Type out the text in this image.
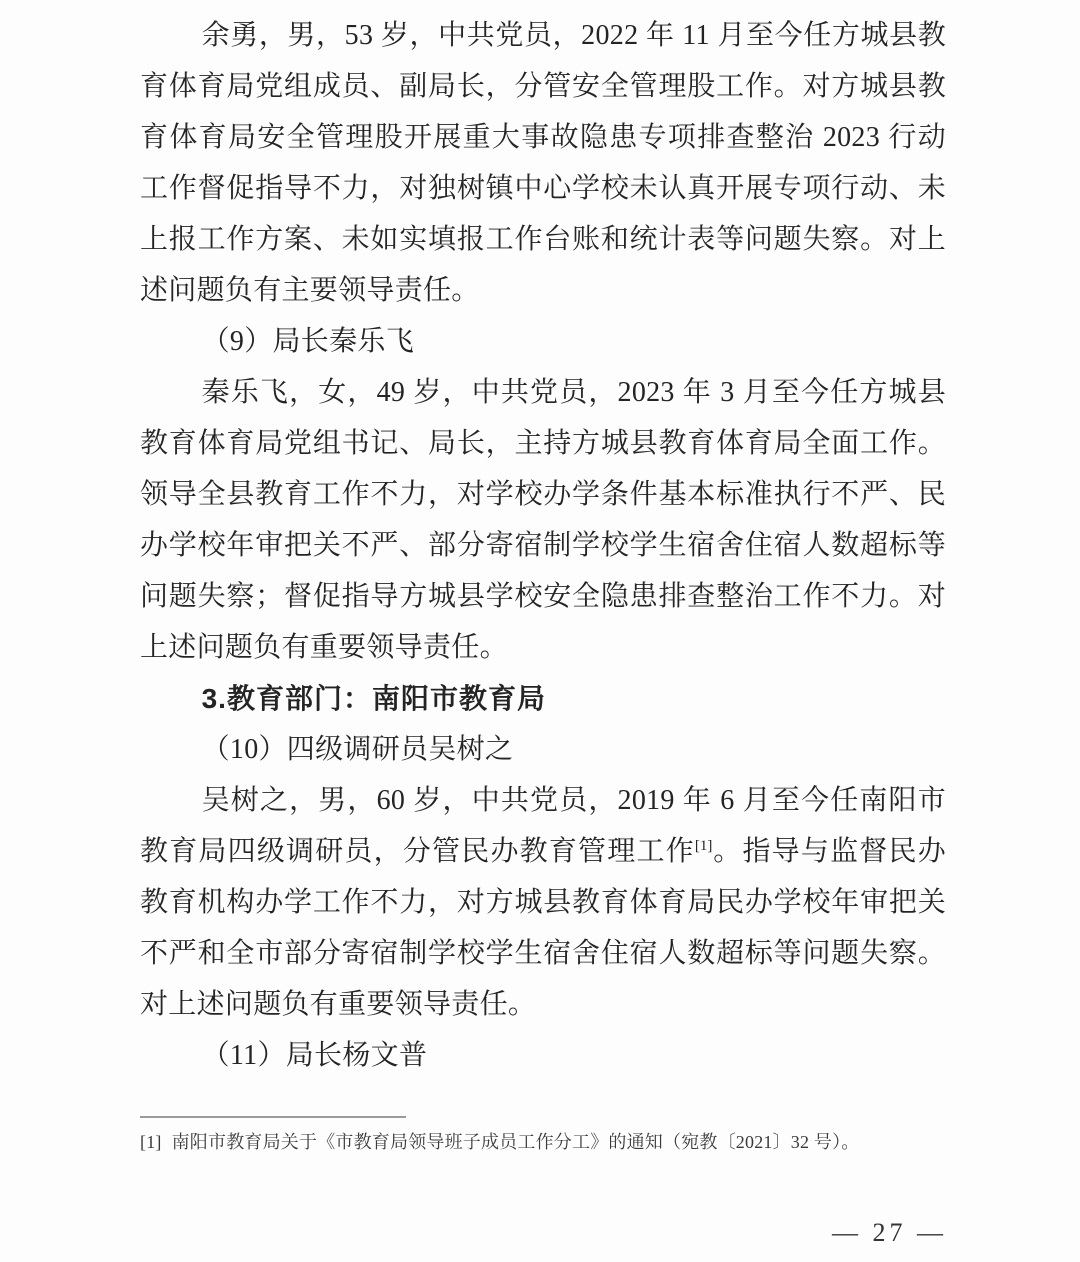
余勇，男，53 岁，中共党员，2022 年 11 月至今任方城县教
育体育局党组成员、副局长，分管安全管理股工作。对方城县教
育体育局安全管理股开展重大事故隐患专项排查整治 2023 行动
工作督促指导不力，对独树镇中心学校未认真开展专项行动、未
上报工作方案、未如实填报工作台账和统计表等问题失察。对上
述问题负有主要领导责任。
（9）局长秦乐飞
秦乐飞，女，49 岁，中共党员，2023 年 3 月至今任方城县
教育体育局党组书记、局长，主持方城县教育体育局全面工作。
领导全县教育工作不力，对学校办学条件基本标准执行不严、民
办学校年审把关不严、部分寄宿制学校学生宿舍住宿人数超标等
问题失察；督促指导方城县学校安全隐患排查整治工作不力。对
上述问题负有重要领导责任。
3.教育部门：南阳市教育局
（10）四级调研员吴树之
吴树之，男，60 岁，中共党员，2019 年 6 月至今任南阳市
教育局四级调研员，分管民办教育管理工作[1]。指导与监督民办
教育机构办学工作不力，对方城县教育体育局民办学校年审把关
不严和全市部分寄宿制学校学生宿舍住宿人数超标等问题失察。
对上述问题负有重要领导责任。
（11）局长杨文普
[1] 南阳市教育局关于《市教育局领导班子成员工作分工》的通知（宛教〔2021〕32 号）。
— 27 —
